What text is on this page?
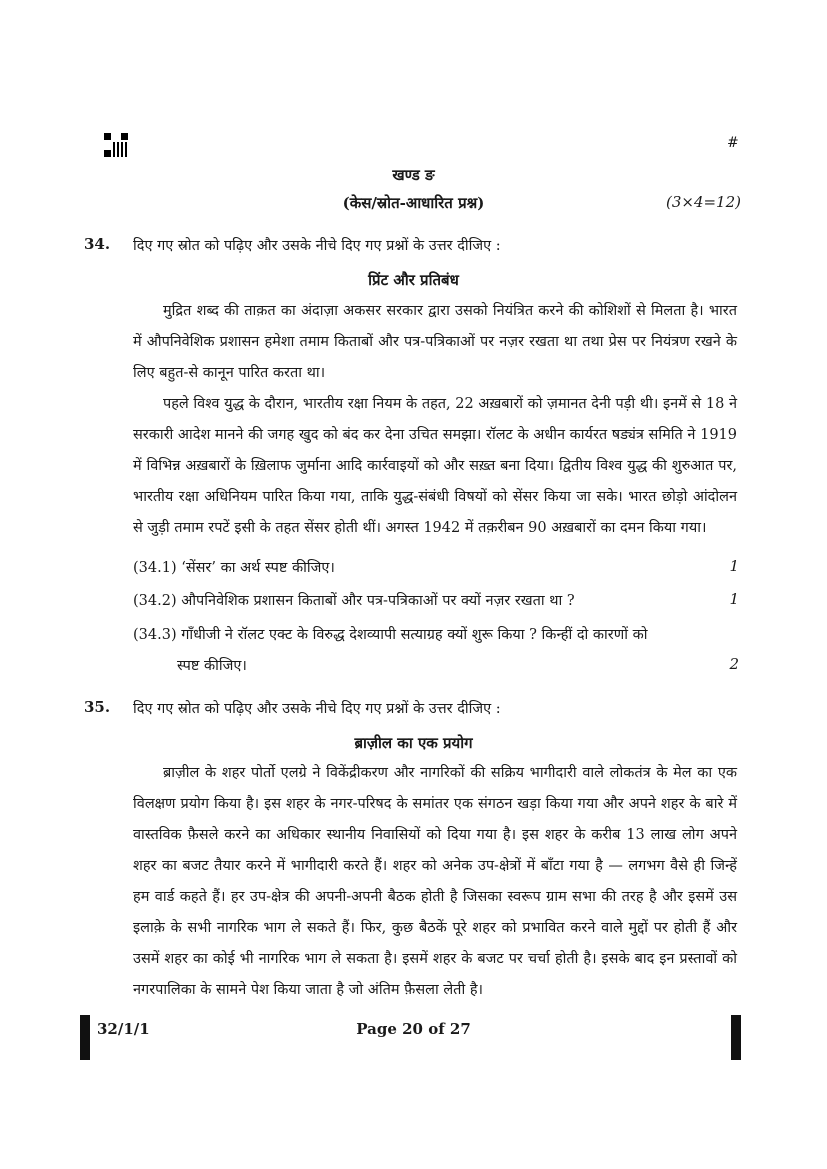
#
खण्ड ङ
(केस/स्रोत-आधारित प्रश्न)	(3×4=12)
34. दिए गए स्रोत को पढ़िए और उसके नीचे दिए गए प्रश्नों के उत्तर दीजिए :
प्रिंट और प्रतिबंध
मुद्रित शब्द की ताक़त का अंदाज़ा अकसर सरकार द्वारा उसको नियंत्रित करने की कोशिशों से मिलता है। भारत में औपनिवेशिक प्रशासन हमेशा तमाम किताबों और पत्र-पत्रिकाओं पर नज़र रखता था तथा प्रेस पर नियंत्रण रखने के लिए बहुत-से कानून पारित करता था।
पहले विश्व युद्ध के दौरान, भारतीय रक्षा नियम के तहत, 22 अख़बारों को ज़मानत देनी पड़ी थी। इनमें से 18 ने सरकारी आदेश मानने की जगह खुद को बंद कर देना उचित समझा। रॉलट के अधीन कार्यरत षड्यंत्र समिति ने 1919 में विभिन्न अख़बारों के ख़िलाफ जुर्माना आदि कार्रवाइयों को और सख़्त बना दिया। द्वितीय विश्व युद्ध की शुरुआत पर, भारतीय रक्षा अधिनियम पारित किया गया, ताकि युद्ध-संबंधी विषयों को सेंसर किया जा सके। भारत छोड़ो आंदोलन से जुड़ी तमाम रपटें इसी के तहत सेंसर होती थीं। अगस्त 1942 में तक़रीबन 90 अख़बारों का दमन किया गया।
(34.1) ‘सेंसर’ का अर्थ स्पष्ट कीजिए।	1
(34.2) औपनिवेशिक प्रशासन किताबों और पत्र-पत्रिकाओं पर क्यों नज़र रखता था ?	1
(34.3) गाँधीजी ने रॉलट एक्ट के विरुद्ध देशव्यापी सत्याग्रह क्यों शुरू किया ? किन्हीं दो कारणों को
स्पष्ट कीजिए।	2
35. दिए गए स्रोत को पढ़िए और उसके नीचे दिए गए प्रश्नों के उत्तर दीजिए :
ब्राज़ील का एक प्रयोग
ब्राज़ील के शहर पोर्तो एलग्रे ने विकेंद्रीकरण और नागरिकों की सक्रिय भागीदारी वाले लोकतंत्र के मेल का एक विलक्षण प्रयोग किया है। इस शहर के नगर-परिषद के समांतर एक संगठन खड़ा किया गया और अपने शहर के बारे में वास्तविक फ़ैसले करने का अधिकार स्थानीय निवासियों को दिया गया है। इस शहर के करीब 13 लाख लोग अपने शहर का बजट तैयार करने में भागीदारी करते हैं। शहर को अनेक उप-क्षेत्रों में बाँटा गया है — लगभग वैसे ही जिन्हें हम वार्ड कहते हैं। हर उप-क्षेत्र की अपनी-अपनी बैठक होती है जिसका स्वरूप ग्राम सभा की तरह है और इसमें उस इलाक़े के सभी नागरिक भाग ले सकते हैं। फिर, कुछ बैठकें पूरे शहर को प्रभावित करने वाले मुद्दों पर होती हैं और उसमें शहर का कोई भी नागरिक भाग ले सकता है। इसमें शहर के बजट पर चर्चा होती है। इसके बाद इन प्रस्तावों को नगरपालिका के सामने पेश किया जाता है जो अंतिम फ़ैसला लेती है।
32/1/1	Page 20 of 27
